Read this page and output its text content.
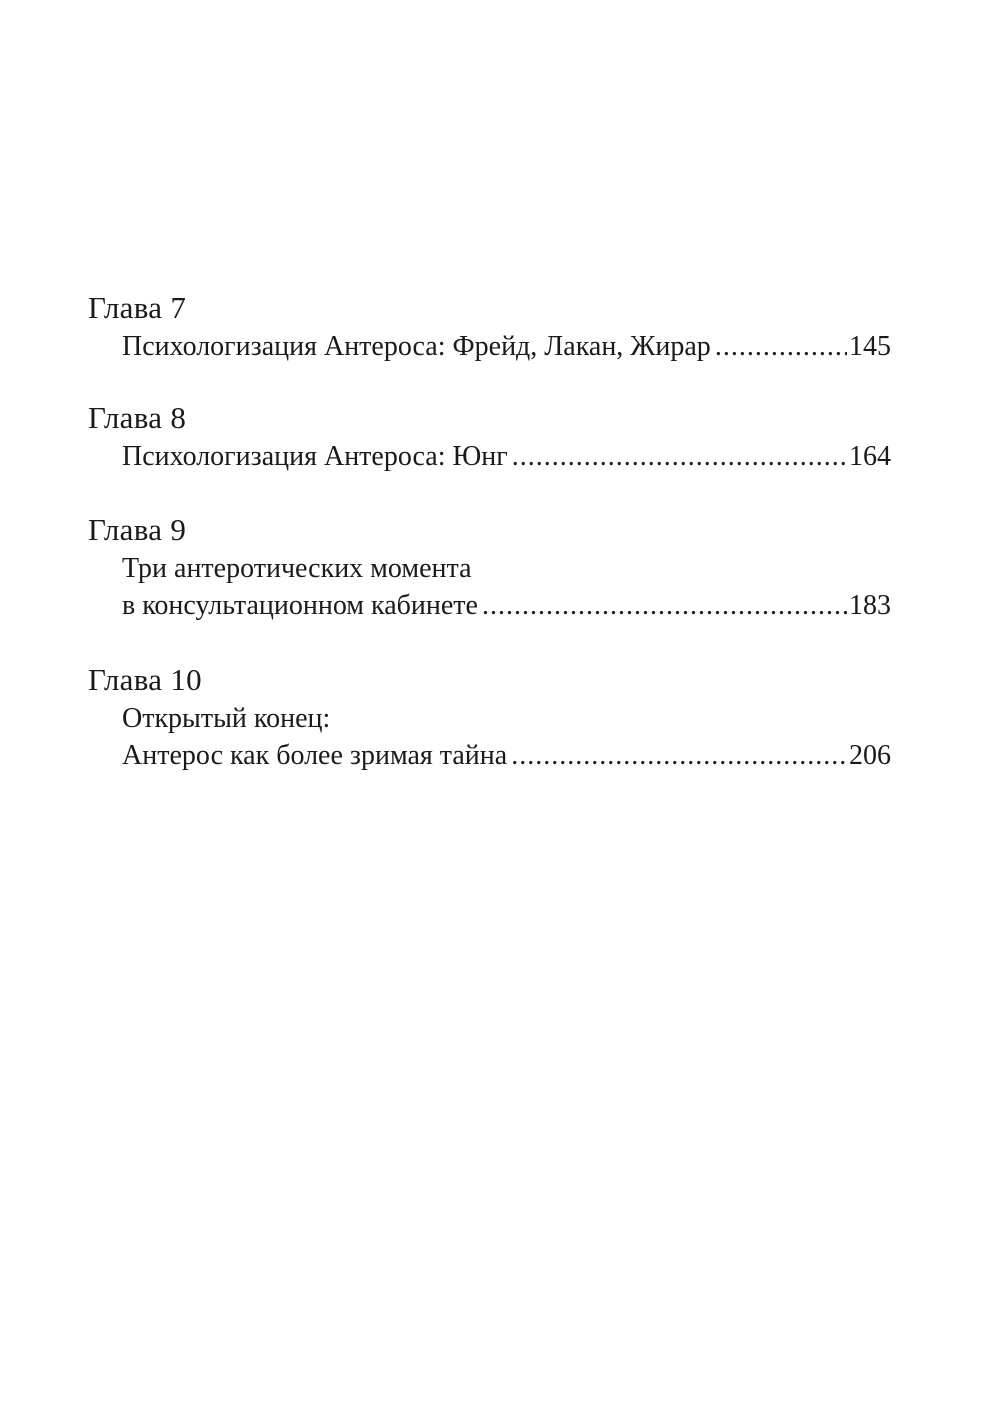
Глава 7
Психологизация Антероса: Фрейд, Лакан, Жирар .....	145
Глава 8
Психологизация Антероса: Юнг .....	164
Глава 9
Три антеротических момента
в консультационном кабинете .....	183
Глава 10
Открытый конец:
Антерос как более зримая тайна .....	206
